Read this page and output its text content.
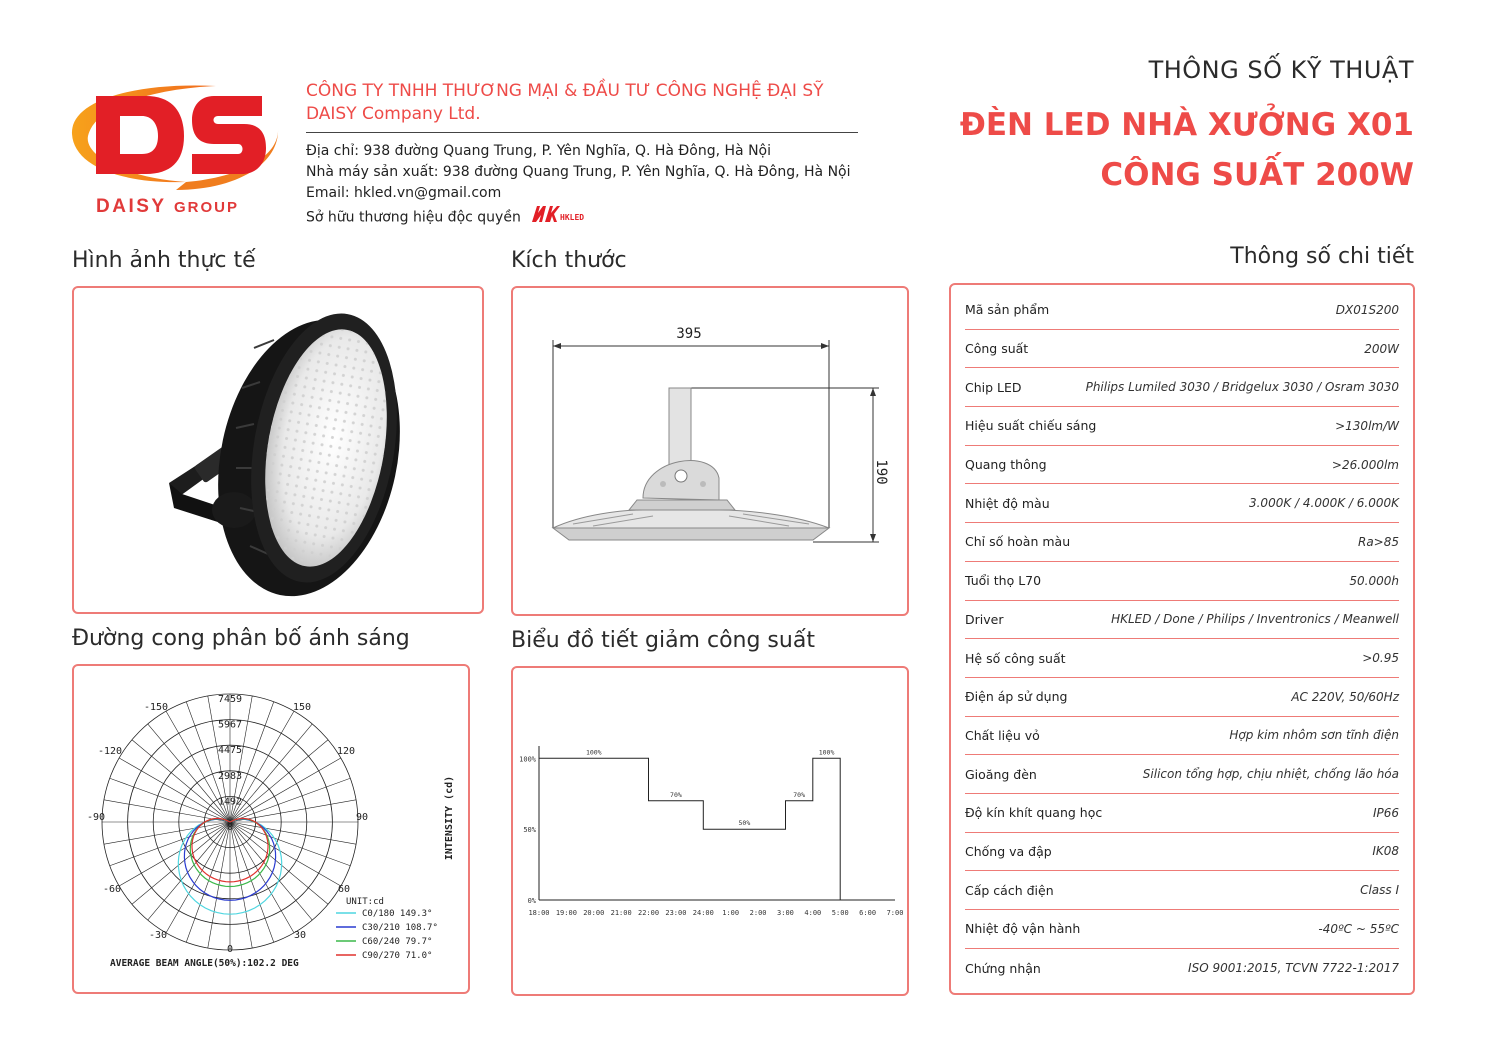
DAISY GROUP
CÔNG TY TNHH THƯƠNG MẠI & ĐẦU TƯ CÔNG NGHỆ ĐẠI SỸ
DAISY Company Ltd.
Địa chỉ: 938 đường Quang Trung, P. Yên Nghĩa, Q. Hà Đông, Hà Nội
Nhà máy sản xuất: 938 đường Quang Trung, P. Yên Nghĩa, Q. Hà Đông, Hà Nội
Email: hkled.vn@gmail.com
Sở hữu thương hiệu độc quyền	HKLED
THÔNG SỐ KỸ THUẬT
ĐÈN LED NHÀ XƯỞNG X01
CÔNG SUẤT 200W
Hình ảnh thực tế	Kích thước
395
190
Đường cong phân bố ánh sáng
7459
5967
4475
2983
1492
0
-150	150
-120	120
-90	90
-60	60
-30	30
0
INTENSITY (cd)
UNIT:cd
C0/180 149.3°
C30/210 108.7°
C60/240 79.7°
C90/270 71.0°
AVERAGE BEAM ANGLE(50%):102.2 DEG
Biểu đồ tiết giảm công suất
100%
50%
0%
18:00 19:00 20:00 21:00 22:00 23:00 24:00 1:00 2:00 3:00 4:00 5:00 6:00 7:00
100%
70%
50%
70%
100%
Thông số chi tiết
Mã sản phẩm	DX01S200
Công suất	200W
Chip LED	Philips Lumiled 3030 / Bridgelux 3030 / Osram 3030
Hiệu suất chiếu sáng	>130lm/W
Quang thông	>26.000lm
Nhiệt độ màu	3.000K / 4.000K / 6.000K
Chỉ số hoàn màu	Ra>85
Tuổi thọ L70	50.000h
Driver	HKLED / Done / Philips / Inventronics / Meanwell
Hệ số công suất	>0.95
Điện áp sử dụng	AC 220V, 50/60Hz
Chất liệu vỏ	Hợp kim nhôm sơn tĩnh điện
Gioăng đèn	Silicon tổng hợp, chịu nhiệt, chống lão hóa
Độ kín khít quang học	IP66
Chống va đập	IK08
Cấp cách điện	Class I
Nhiệt độ vận hành	-40ºC ~ 55ºC
Chứng nhận	ISO 9001:2015, TCVN 7722-1:2017
